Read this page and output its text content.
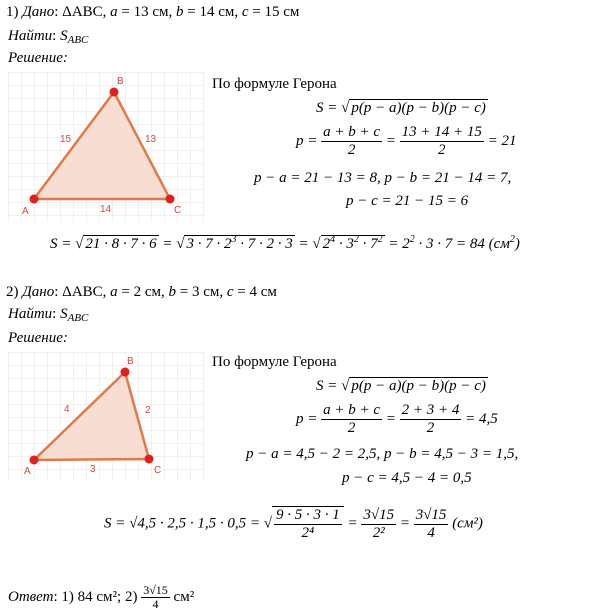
1) Дано: ΔABC, a = 13 см, b = 14 см, c = 15 см
Найти: $S_{ABC}$
Решение:
A
B
C
15	13
14
По формуле Герона
S = √ p(p − a)(p − b)(p − c)
$p = \frac{a + b + c}{2} = \frac{13 + 14 + 15}{2} = 21$
p − a = 21 − 13 = 8, p − b = 21 − 14 = 7,
p − c = 21 − 15 = 6
S = √ 21 · 8 · 7 · 6 = √ $3 \cdot 7 \cdot 2^3 \cdot 7 \cdot 2 \cdot 3$ = √ $2^4 \cdot 3^2 \cdot 7^2 = 2^2 \cdot 3 \cdot 7 = 84$ $(см^2)$
2) Дано: ΔABC, a = 2 см, b = 3 см, c = 4 см
Найти: $S_{ABC}$
Решение:
A
B
C
4	2
3
По формуле Герона
S = √ p(p − a)(p − b)(p − c)
$p = \frac{a + b + c}{2} = \frac{2 + 3 + 4}{2} = 4,5$
p − a = 4,5 − 2 = 2,5, p − b = 4,5 − 3 = 1,5,
p − c = 4,5 − 4 = 0,5
S = √4,5 · 2,5 · 1,5 · 0,5 = √ $\frac{9 \cdot 5 \cdot 3 \cdot 1}{\text{2⁴}} = \frac{3√15}{\text{2²}} = \frac{3√15}{4} (см^2)$
Ответ: 1) 84 см²; $2) \frac{3√15}{4} см^2$
